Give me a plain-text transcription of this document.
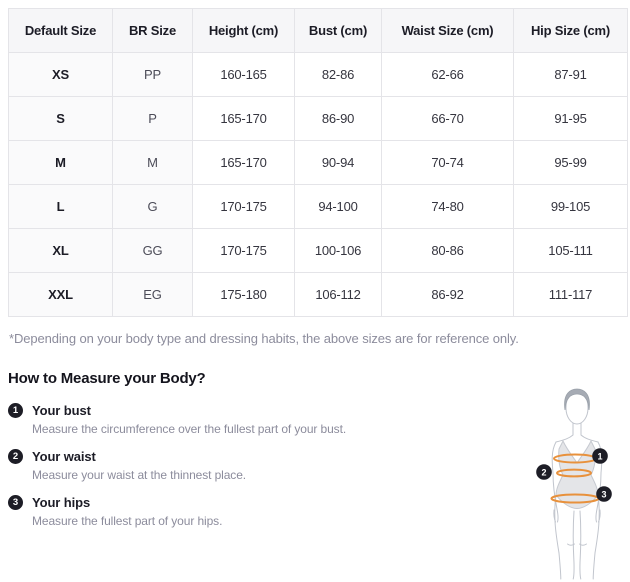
Default Size	BR Size	Height (cm)	Bust (cm)	Waist Size (cm)	Hip Size (cm)
XS	PP	160-165	82-86	62-66	87-91
S	P	165-170	86-90	66-70	91-95
M	M	165-170	90-94	70-74	95-99
L	G	170-175	94-100	74-80	99-105
XL	GG	170-175	100-106	80-86	105-111
XXL	EG	175-180	106-112	86-92	111-117

*Depending on your body type and dressing habits, the above sizes are for reference only.

How to Measure your Body?
1	Your bust
Measure the circumference over the fullest part of your bust.
2	Your waist
Measure your waist at the thinnest place.
3	Your hips
Measure the fullest part of your hips.
1
2
3
